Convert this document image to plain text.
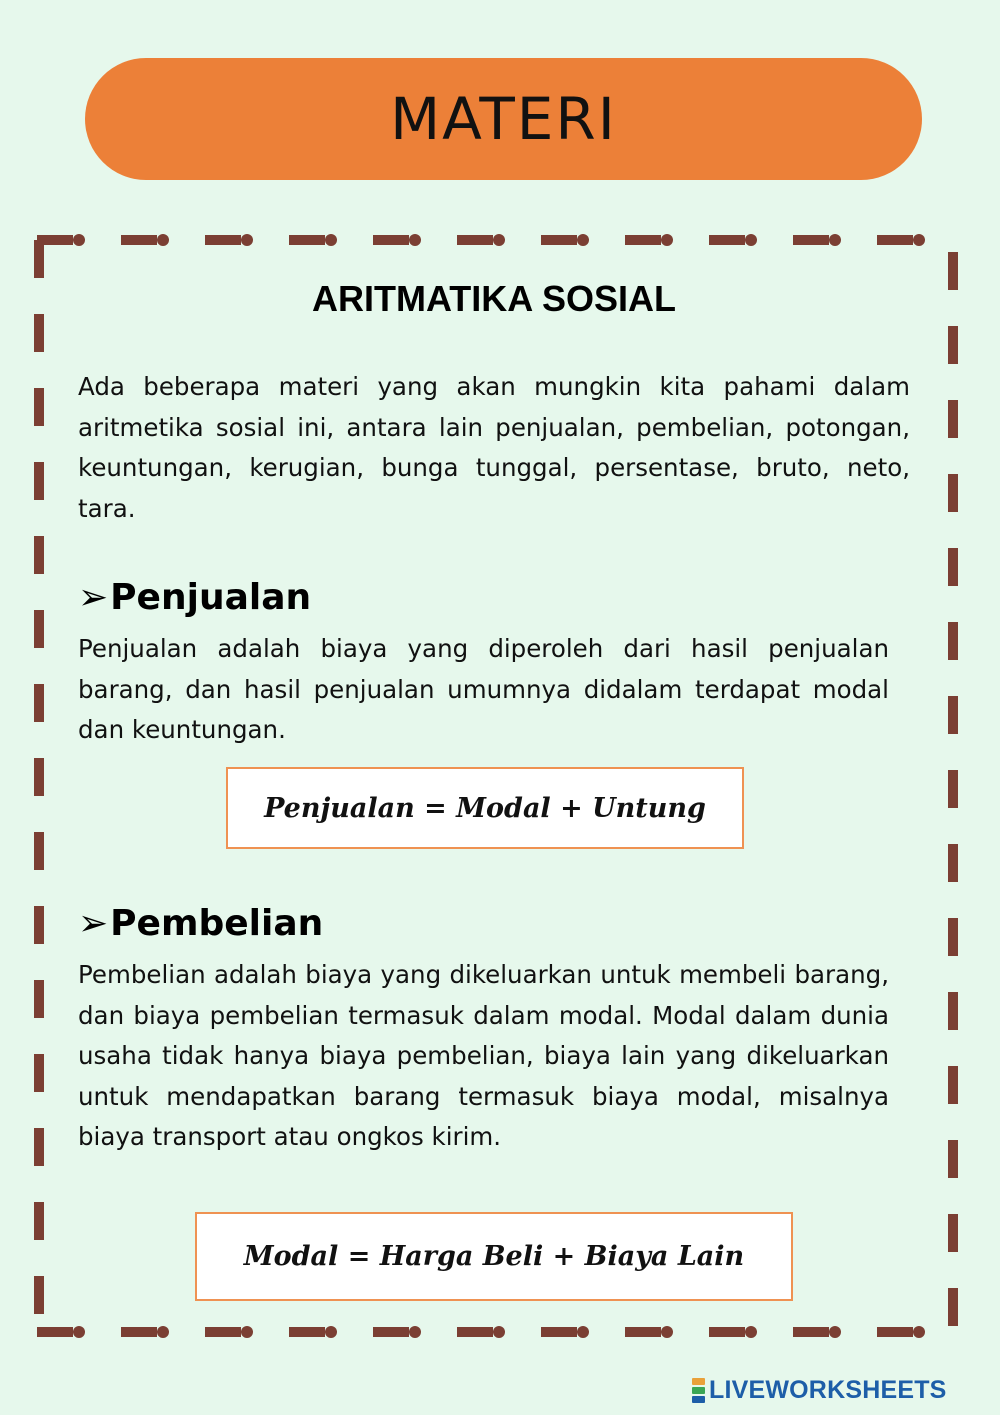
MATERI
ARITMATIKA SOSIAL

Ada beberapa materi yang akan mungkin kita pahami dalam aritmetika sosial ini, antara lain penjualan, pembelian, potongan, keuntungan, kerugian, bunga tunggal, persentase, bruto, neto, tara.

➢ Penjualan

Penjualan adalah biaya yang diperoleh dari hasil penjualan barang, dan hasil penjualan umumnya didalam terdapat modal dan keuntungan.

Penjualan = Modal + Untung
➢ Pembelian

Pembelian adalah biaya yang dikeluarkan untuk membeli barang, dan biaya pembelian termasuk dalam modal. Modal dalam dunia usaha tidak hanya biaya pembelian, biaya lain yang dikeluarkan untuk mendapatkan barang termasuk biaya modal, misalnya biaya transport atau ongkos kirim.

Modal = Harga Beli + Biaya Lain
LIVEWORKSHEETS
